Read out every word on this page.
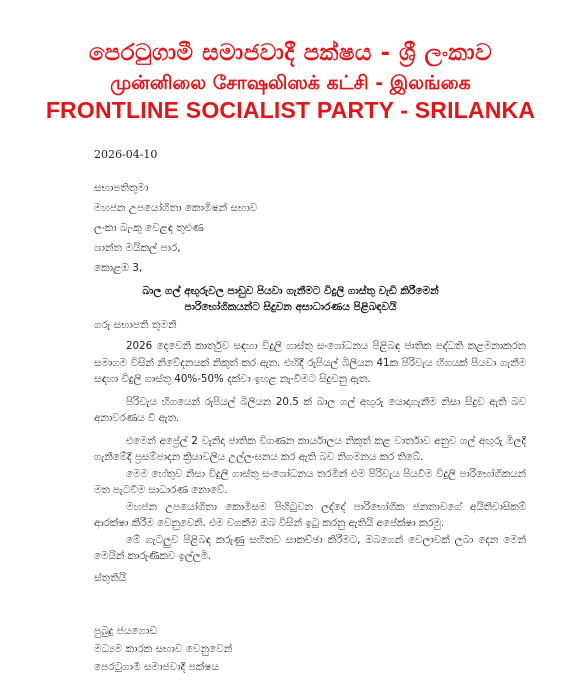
පෙරටුගාමී සමාජවාදී පක්ෂය - ශ්‍රී ලංකාව
முன்னிலை சோஷலிஸக் கட்சி - இலங்கை
FRONTLINE SOCIALIST PARTY - SRILANKA
2026-04-10
සභාපතිතුමා
මහජන උපයෝගිතා කොමිෂන් සභාව
ලංකා බැංකු වෙළඳ තුළුණ
ශාන්ත මයිකල් පාර,
කොළඹ 3,
බාල ගල් අඟුරුවල පාඩුව පියවා ගැනීමට විදුලි ගාස්තු වැඩි කිරීමෙන්
පාරිභෝගිකයන්ට සිදුවන අසාධාරණය පිළිබඳවයි
ගරු සභාපති තුමනි

2026 දෙවෙනි කාර්තුව සඳහා විදුලි ගාස්තු සංශෝධනය පිළිබඳ ජාතික පද්ධති කළමනාකරන සමාගම විසින් නිවේදනයක් නිකුත් කර ඇත. එහිදී රුපියල් බිලියන 41ක පිරිවැය හිගයක් පියවා ගැනීම සඳහා විදුලි ගාස්තු 40%-50% දක්වා ඉහළ නැංවීමට සිදුවනු ඇත.

පිරිවැය හිගයෙන් රුපියල් බිලියන 20.5 ක් බාල ගල් අඟුරු යොදාගැනීම නිසා සිදුව ඇති බව අනාවරණය වී ඇත.

එමෙන් අප්‍රේල් 2 වැනිදා ජාතික විගණන කාර්යාලය නිකුත් කළ වාර්තාව අනුව ගල් අඟුරු මිලදී ගැනීමේදී ප්‍රසම්පාදන ක්‍රියාවලිය උල්ලංඝනය කර ඇති බව නිගමනය කර තිබේ.

මෙම හේතුව නිසා විදුලි ගාස්තු සංශෝධනය තරමින් එම පිරිවැය පියවීම විදුලි පාරිභෝගිකයන් මත පැටවීම සාධාරණ නොවේ.

මහජන උපයෝගිතා කොමිසම පිහිටුවන ලද්දේ පාරිභෝගික ජනතාවගේ අයිතිවාසිකම් ආරක්ෂා කිරීම වෙනුවෙනි. එම වගකීම ඔබ විසින් ඉටු කරනු ඇතියි අපේක්ෂා කරමු.

මේ ගැටලුව පිළිබඳ කරුණු සහිතව සාකච්ඡා කිරීමට, ඔබගෙන් වෙලාවක් ලබා දෙන මෙන් මෙයින් කාරුණිකව ඉල්ලමි.

ස්තුතියි
පුබුදු ජයගොඩ
මධ්‍යම කාරක සභාව වෙනුවෙන්
පෙරටුගාමී සමාජවාදී පක්ෂය
